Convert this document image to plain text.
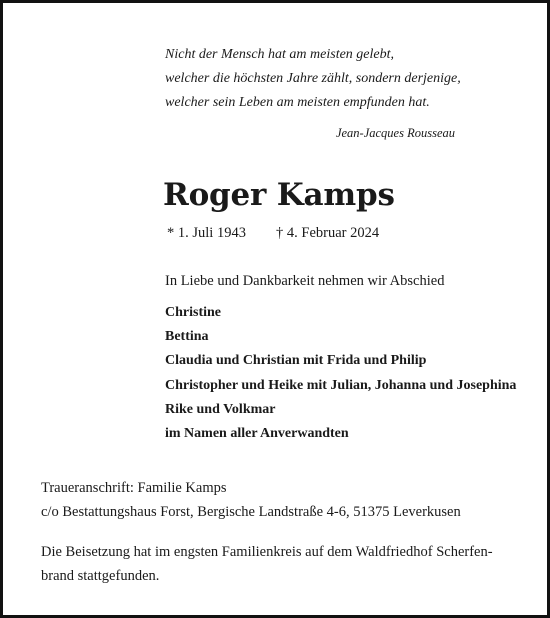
Nicht der Mensch hat am meisten gelebt,
welcher die höchsten Jahre zählt, sondern derjenige,
welcher sein Leben am meisten empfunden hat.
Jean-Jacques Rousseau
Roger Kamps
* 1. Juli 1943 † 4. Februar 2024
In Liebe und Dankbarkeit nehmen wir Abschied
Christine
Bettina
Claudia und Christian mit Frida und Philip
Christopher und Heike mit Julian, Johanna und Josephina
Rike und Volkmar
im Namen aller Anverwandten
Traueranschrift: Familie Kamps
c/o Bestattungshaus Forst, Bergische Landstraße 4-6, 51375 Leverkusen
Die Beisetzung hat im engsten Familienkreis auf dem Waldfriedhof Scherfen-
brand stattgefunden.
